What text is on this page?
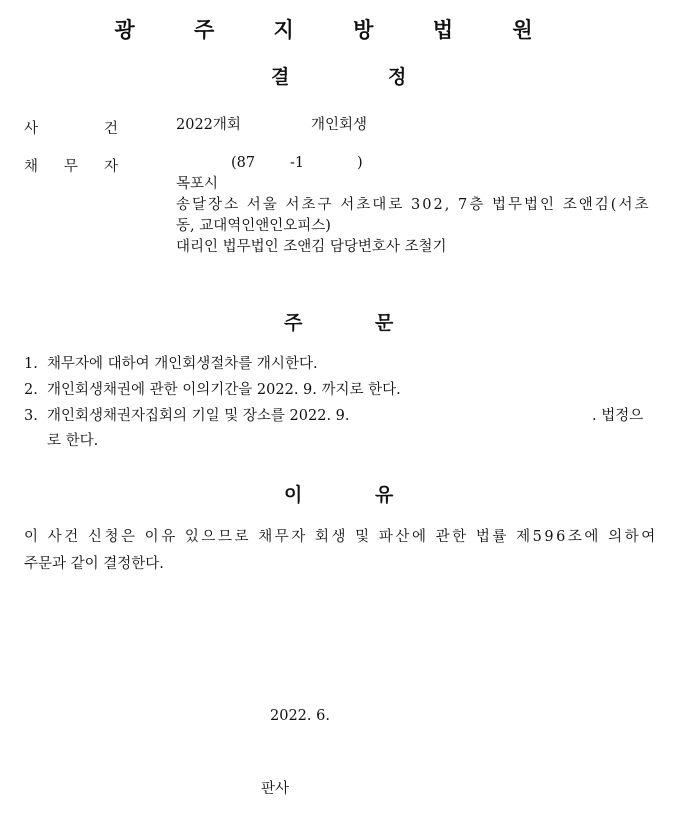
광 주 지 방 법 원
결	정
사	건	2022개회	개인회생
채 무 자	(87 -1	)
목포시
송달장소 서울 서초구 서초대로 302, 7층 법무법인 조앤김(서초
동, 교대역인앤인오피스)
대리인 법무법인 조앤김 담당변호사 조철기
주	문
1. 채무자에 대하여 개인회생절차를 개시한다.
2. 개인회생채권에 관한 이의기간을 2022. 9. 까지로 한다.
3. 개인회생채권자집회의 기일 및 장소를 2022. 9.	. 법정으
로 한다.
이	유
이 사건 신청은 이유 있으므로 채무자 회생 및 파산에 관한 법률 제596조에 의하여
주문과 같이 결정한다.
2022. 6.
판사
